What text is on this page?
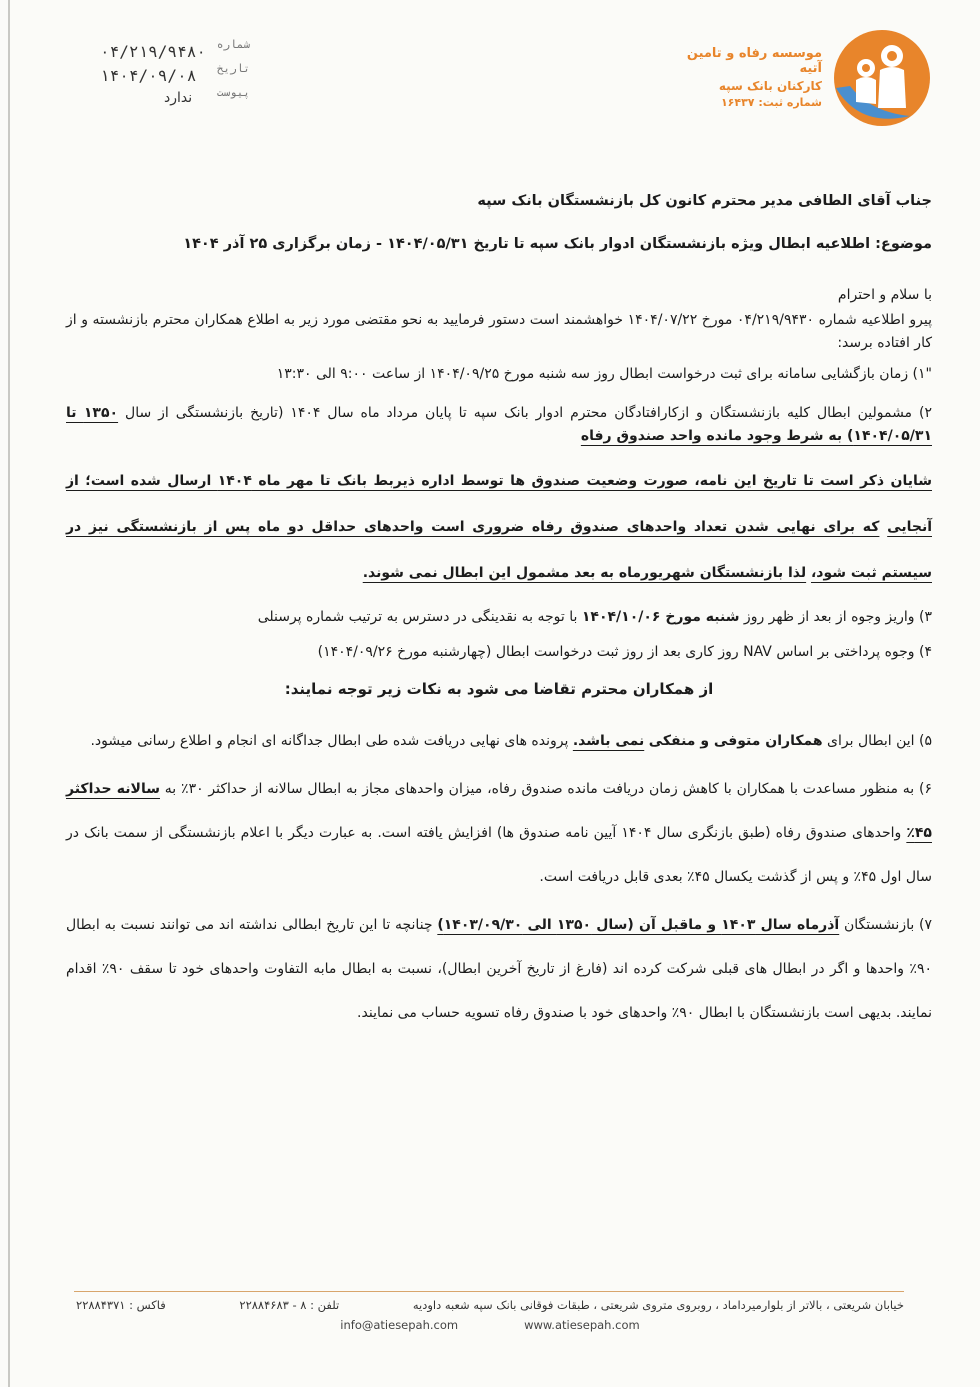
موسسه رفاه و تامین آتیه
کارکنان بانک سپه
شماره ثبت: ۱۶۴۳۷
شماره
۰۴/۲۱۹/۹۴۸۰
تاریخ
۱۴۰۴/۰۹/۰۸
پیوست
ندارد

جناب آقای الطافی مدیر محترم کانون کل بازنشستگان بانک سپه

موضوع: اطلاعیه ابطال ویژه بازنشستگان ادوار بانک سپه تا تاریخ ۱۴۰۴/۰۵/۳۱ - زمان برگزاری ۲۵ آذر ۱۴۰۴

با سلام و احترام

پیرو اطلاعیه شماره ۰۴/۲۱۹/۹۴۳۰ مورخ ۱۴۰۴/۰۷/۲۲ خواهشمند است دستور فرمایید به نحو مقتضی مورد زیر به اطلاع همکاران محترم بازنشسته و از کار افتاده برسد:

"۱) زمان بازگشایی سامانه برای ثبت درخواست ابطال روز سه شنبه مورخ ۱۴۰۴/۰۹/۲۵ از ساعت ۹:۰۰ الی ۱۳:۳۰

۲) مشمولین ابطال کلیه بازنشستگان و ازکارافتادگان محترم ادوار بانک سپه تا پایان مرداد ماه سال ۱۴۰۴ (تاریخ بازنشستگی از سال ۱۳۵۰ تا ۱۴۰۴/۰۵/۳۱) به شرط وجود مانده واحد صندوق رفاه

شایان ذکر است تا تاریخ این نامه، صورت وضعیت صندوق ها توسط اداره ذیربط بانک تا مهر ماه ۱۴۰۴ ارسال شده است؛ از آنجایی که برای نهایی شدن تعداد واحدهای صندوق رفاه ضروری است واحدهای حداقل دو ماه پس از بازنشستگی نیز در سیستم ثبت شود، لذا بازنشستگان شهریورماه به بعد مشمول این ابطال نمی شوند.

۳) واریز وجوه از بعد از ظهر روز شنبه مورخ ۱۴۰۴/۱۰/۰۶ با توجه به نقدینگی در دسترس به ترتیب شماره پرسنلی

۴) وجوه پرداختی بر اساس NAV روز کاری بعد از روز ثبت درخواست ابطال (چهارشنبه مورخ ۱۴۰۴/۰۹/۲۶)

از همکاران محترم تقاضا می شود به نکات زیر توجه نمایند:

۵) این ابطال برای همکاران متوفی و منفکی نمی باشد. پرونده های نهایی دریافت شده طی ابطال جداگانه ای انجام و اطلاع رسانی میشود.

۶) به منظور مساعدت با همکاران با کاهش زمان دریافت مانده صندوق رفاه، میزان واحدهای مجاز به ابطال سالانه از حداکثر ۳۰٪ به سالانه حداکثر ۴۵٪ واحدهای صندوق رفاه (طبق بازنگری سال ۱۴۰۴ آیین نامه صندوق ها) افزایش یافته است. به عبارت دیگر با اعلام بازنشستگی از سمت بانک در سال اول ۴۵٪ و پس از گذشت یکسال ۴۵٪ بعدی قابل دریافت است.

۷) بازنشستگان آذرماه سال ۱۴۰۳ و ماقبل آن (سال ۱۳۵۰ الی ۱۴۰۳/۰۹/۳۰) چنانچه تا این تاریخ ابطالی نداشته اند می توانند نسبت به ابطال ۹۰٪ واحدها و اگر در ابطال های قبلی شرکت کرده اند (فارغ از تاریخ آخرین ابطال)، نسبت به ابطال مابه التفاوت واحدهای خود تا سقف ۹۰٪ اقدام نمایند. بدیهی است بازنشستگان با ابطال ۹۰٪ واحدهای خود با صندوق رفاه تسویه حساب می نمایند.

خیابان شریعتی ، بالاتر از بلوارمیرداماد ، روبروی متروی شریعتی ، طبقات فوقانی بانک سپه شعبه داودیه
تلفن : ۸ - ۲۲۸۸۴۶۸۳
فاکس : ۲۲۸۸۴۳۷۱
info@atiesepah.com	www.atiesepah.com
